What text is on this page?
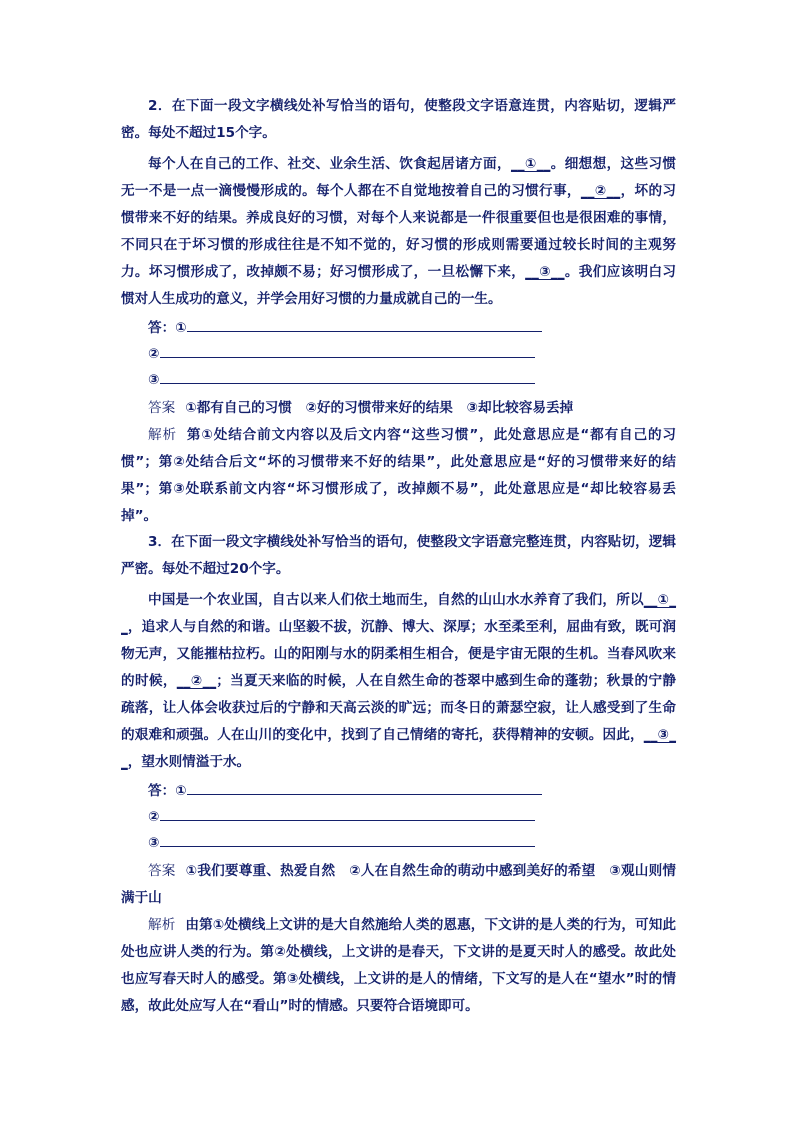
2．在下面一段文字横线处补写恰当的语句，使整段文字语意连贯，内容贴切，逻辑严密。每处不超过15个字。

每个人在自己的工作、社交、业余生活、饮食起居诸方面，__①__。细想想，这些习惯无一不是一点一滴慢慢形成的。每个人都在不自觉地按着自己的习惯行事，__②__，坏的习惯带来不好的结果。养成良好的习惯，对每个人来说都是一件很重要但也是很困难的事情，不同只在于坏习惯的形成往往是不知不觉的，好习惯的形成则需要通过较长时间的主观努力。坏习惯形成了，改掉颇不易；好习惯形成了，一旦松懈下来，__③__。我们应该明白习惯对人生成功的意义，并学会用好习惯的力量成就自己的一生。

答：①
②
③

答案 ①都有自己的习惯　②好的习惯带来好的结果　③却比较容易丢掉

解析 第①处结合前文内容以及后文内容“这些习惯”，此处意思应是“都有自己的习惯”；第②处结合后文“坏的习惯带来不好的结果”，此处意思应是“好的习惯带来好的结果”；第③处联系前文内容“坏习惯形成了，改掉颇不易”，此处意思应是“却比较容易丢掉”。

3．在下面一段文字横线处补写恰当的语句，使整段文字语意完整连贯，内容贴切，逻辑严密。每处不超过20个字。

中国是一个农业国，自古以来人们依土地而生，自然的山山水水养育了我们，所以__①__，追求人与自然的和谐。山坚毅不拔，沉静、博大、深厚；水至柔至利，屈曲有致，既可润物无声，又能摧枯拉朽。山的阳刚与水的阴柔相生相合，便是宇宙无限的生机。当春风吹来的时候，__②__；当夏天来临的时候，人在自然生命的苍翠中感到生命的蓬勃；秋景的宁静疏落，让人体会收获过后的宁静和天高云淡的旷远；而冬日的萧瑟空寂，让人感受到了生命的艰难和顽强。人在山川的变化中，找到了自己情绪的寄托，获得精神的安顿。因此，__③__，望水则情溢于水。

答：①
②
③

答案 ①我们要尊重、热爱自然　②人在自然生命的萌动中感到美好的希望　③观山则情满于山

解析 由第①处横线上文讲的是大自然施给人类的恩惠，下文讲的是人类的行为，可知此处也应讲人类的行为。第②处横线，上文讲的是春天，下文讲的是夏天时人的感受。故此处也应写春天时人的感受。第③处横线，上文讲的是人的情绪，下文写的是人在“望水”时的情感，故此处应写人在“看山”时的情感。只要符合语境即可。
